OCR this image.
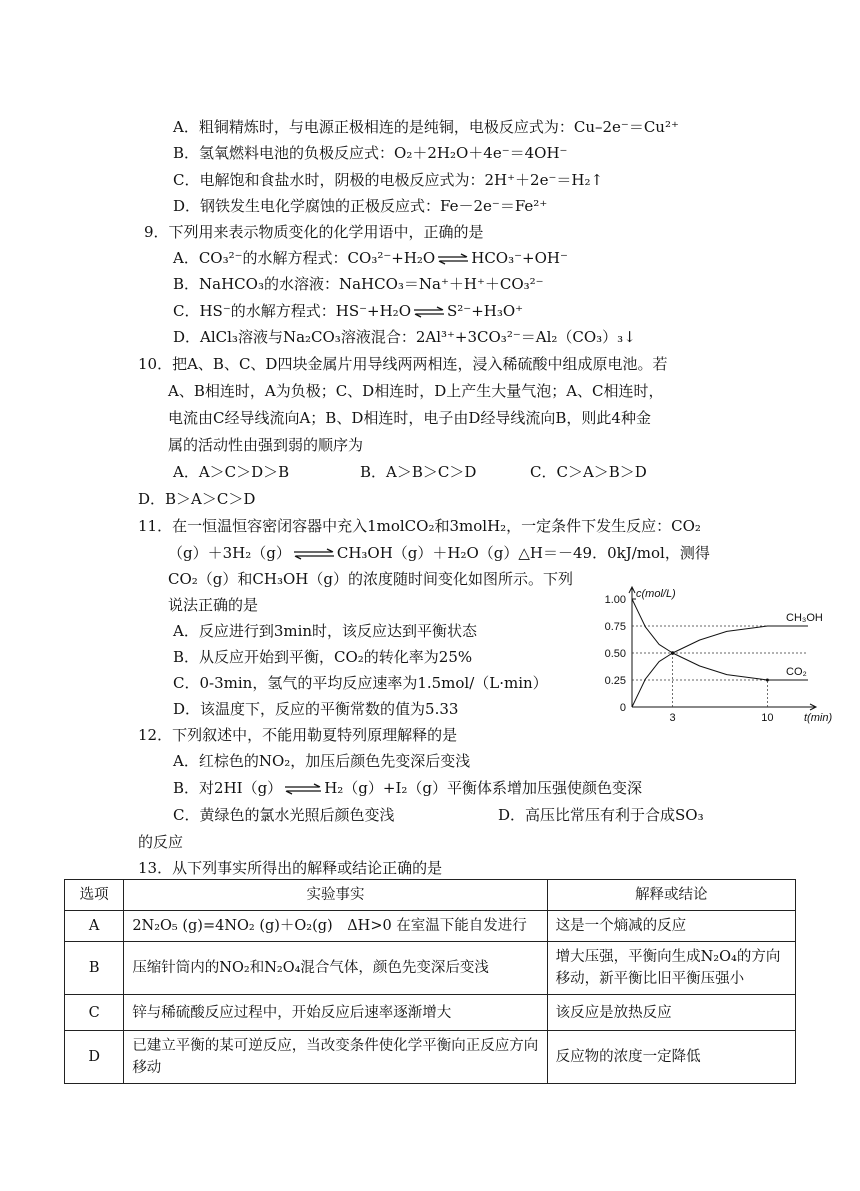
A．粗铜精炼时，与电源正极相连的是纯铜，电极反应式为：Cu–2e⁻＝Cu²⁺
B．氢氧燃料电池的负极反应式：O₂＋2H₂O＋4e⁻＝4OH⁻
C．电解饱和食盐水时，阴极的电极反应式为：2H⁺＋2e⁻＝H₂↑
D．钢铁发生电化学腐蚀的正极反应式：Fe－2e⁻＝Fe²⁺
9．下列用来表示物质变化的化学用语中，正确的是
A．CO₃²⁻的水解方程式：CO₃²⁻+H₂O⇌HCO₃⁻+OH⁻
B．NaHCO₃的水溶液：NaHCO₃＝Na⁺＋H⁺＋CO₃²⁻
C．HS⁻的水解方程式：HS⁻+H₂O⇌S²⁻+H₃O⁺
D．AlCl₃溶液与Na₂CO₃溶液混合：2Al³⁺+3CO₃²⁻＝Al₂（CO₃）₃↓
10．把A、B、C、D四块金属片用导线两两相连，浸入稀硫酸中组成原电池。若
A、B相连时，A为负极；C、D相连时，D上产生大量气泡；A、C相连时，
电流由C经导线流向A；B、D相连时，电子由D经导线流向B，则此4种金
属的活动性由强到弱的顺序为
A．A＞C＞D＞B	B．A＞B＞C＞D	C．C＞A＞B＞D
D．B＞A＞C＞D
11．在一恒温恒容密闭容器中充入1molCO₂和3molH₂，一定条件下发生反应：CO₂
（g）＋3H₂（g）⇌CH₃OH（g）＋H₂O（g）△H＝－49．0kJ/mol，测得
CO₂（g）和CH₃OH（g）的浓度随时间变化如图所示。下列
说法正确的是
A．反应进行到3min时，该反应达到平衡状态
B．从反应开始到平衡，CO₂的转化率为25%
C．0-3min，氢气的平均反应速率为1.5mol/（L·min）
D．该温度下，反应的平衡常数的值为5.33
1.00
0.75
0.50
0.25
0
3	10
c(mol/L)
t(min)
CH₃OH
CO₂
12．下列叙述中，不能用勒夏特列原理解释的是
A．红棕色的NO₂，加压后颜色先变深后变浅
B．对2HI（g）⇌H₂（g）+I₂（g）平衡体系增加压强使颜色变深
C．黄绿色的氯水光照后颜色变浅	D．高压比常压有利于合成SO₃
的反应
13．从下列事实所得出的解释或结论正确的是
选项	实验事实	解释或结论
A	2N₂O₅ (g)=4NO₂ (g)＋O₂(g)　ΔH>0 在室温下能自发进行	这是一个熵减的反应
B	压缩针筒内的NO₂和N₂O₄混合气体，颜色先变深后变浅	增大压强，平衡向生成N₂O₄的方向移动，新平衡比旧平衡压强小
C	锌与稀硫酸反应过程中，开始反应后速率逐渐增大	该反应是放热反应
D	已建立平衡的某可逆反应，当改变条件使化学平衡向正反应方向移动	反应物的浓度一定降低
